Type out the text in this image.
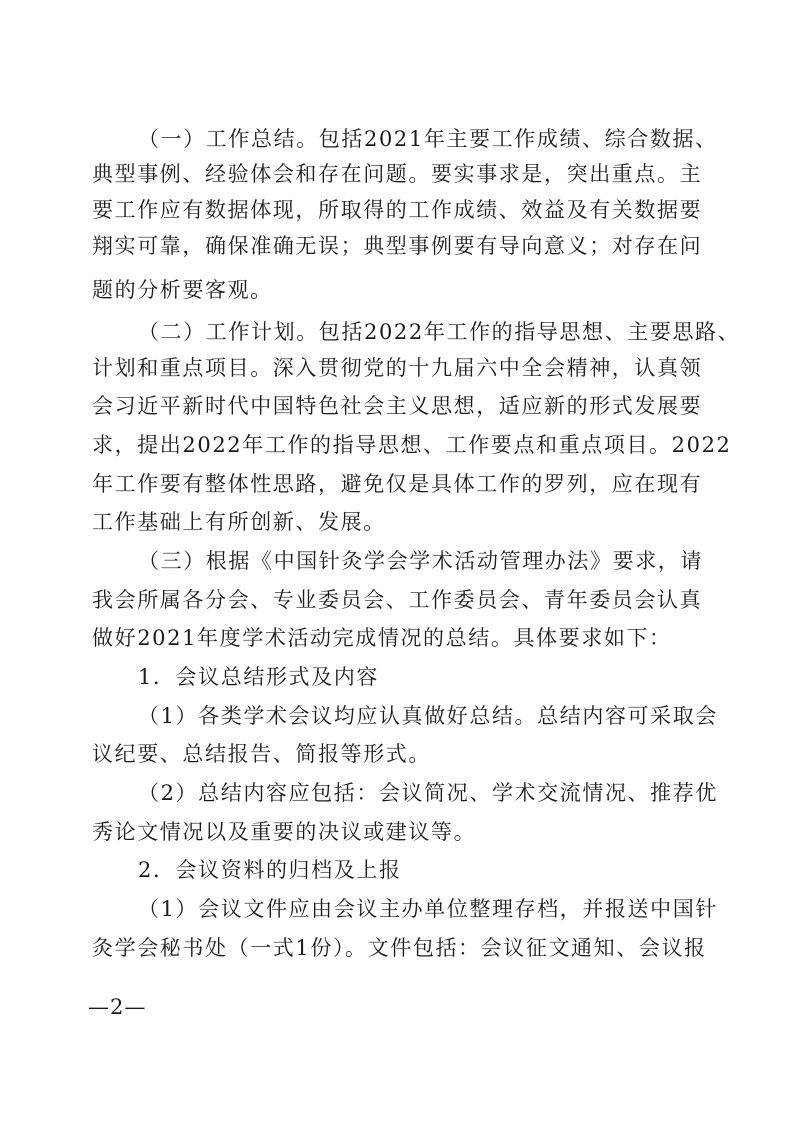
（一）工作总结。包括2021年主要工作成绩、综合数据、
典型事例、经验体会和存在问题。要实事求是，突出重点。主
要工作应有数据体现，所取得的工作成绩、效益及有关数据要
翔实可靠，确保准确无误；典型事例要有导向意义；对存在问
题的分析要客观。
（二）工作计划。包括2022年工作的指导思想、主要思路、
计划和重点项目。深入贯彻党的十九届六中全会精神，认真领
会习近平新时代中国特色社会主义思想，适应新的形式发展要
求，提出2022年工作的指导思想、工作要点和重点项目。2022
年工作要有整体性思路，避免仅是具体工作的罗列，应在现有
工作基础上有所创新、发展。
（三）根据《中国针灸学会学术活动管理办法》要求，请
我会所属各分会、专业委员会、工作委员会、青年委员会认真
做好2021年度学术活动完成情况的总结。具体要求如下：
1．会议总结形式及内容
（1）各类学术会议均应认真做好总结。总结内容可采取会
议纪要、总结报告、简报等形式。
（2）总结内容应包括：会议简况、学术交流情况、推荐优
秀论文情况以及重要的决议或建议等。
2．会议资料的归档及上报
（1）会议文件应由会议主办单位整理存档，并报送中国针
灸学会秘书处（一式1份）。文件包括：会议征文通知、会议报
—2—
